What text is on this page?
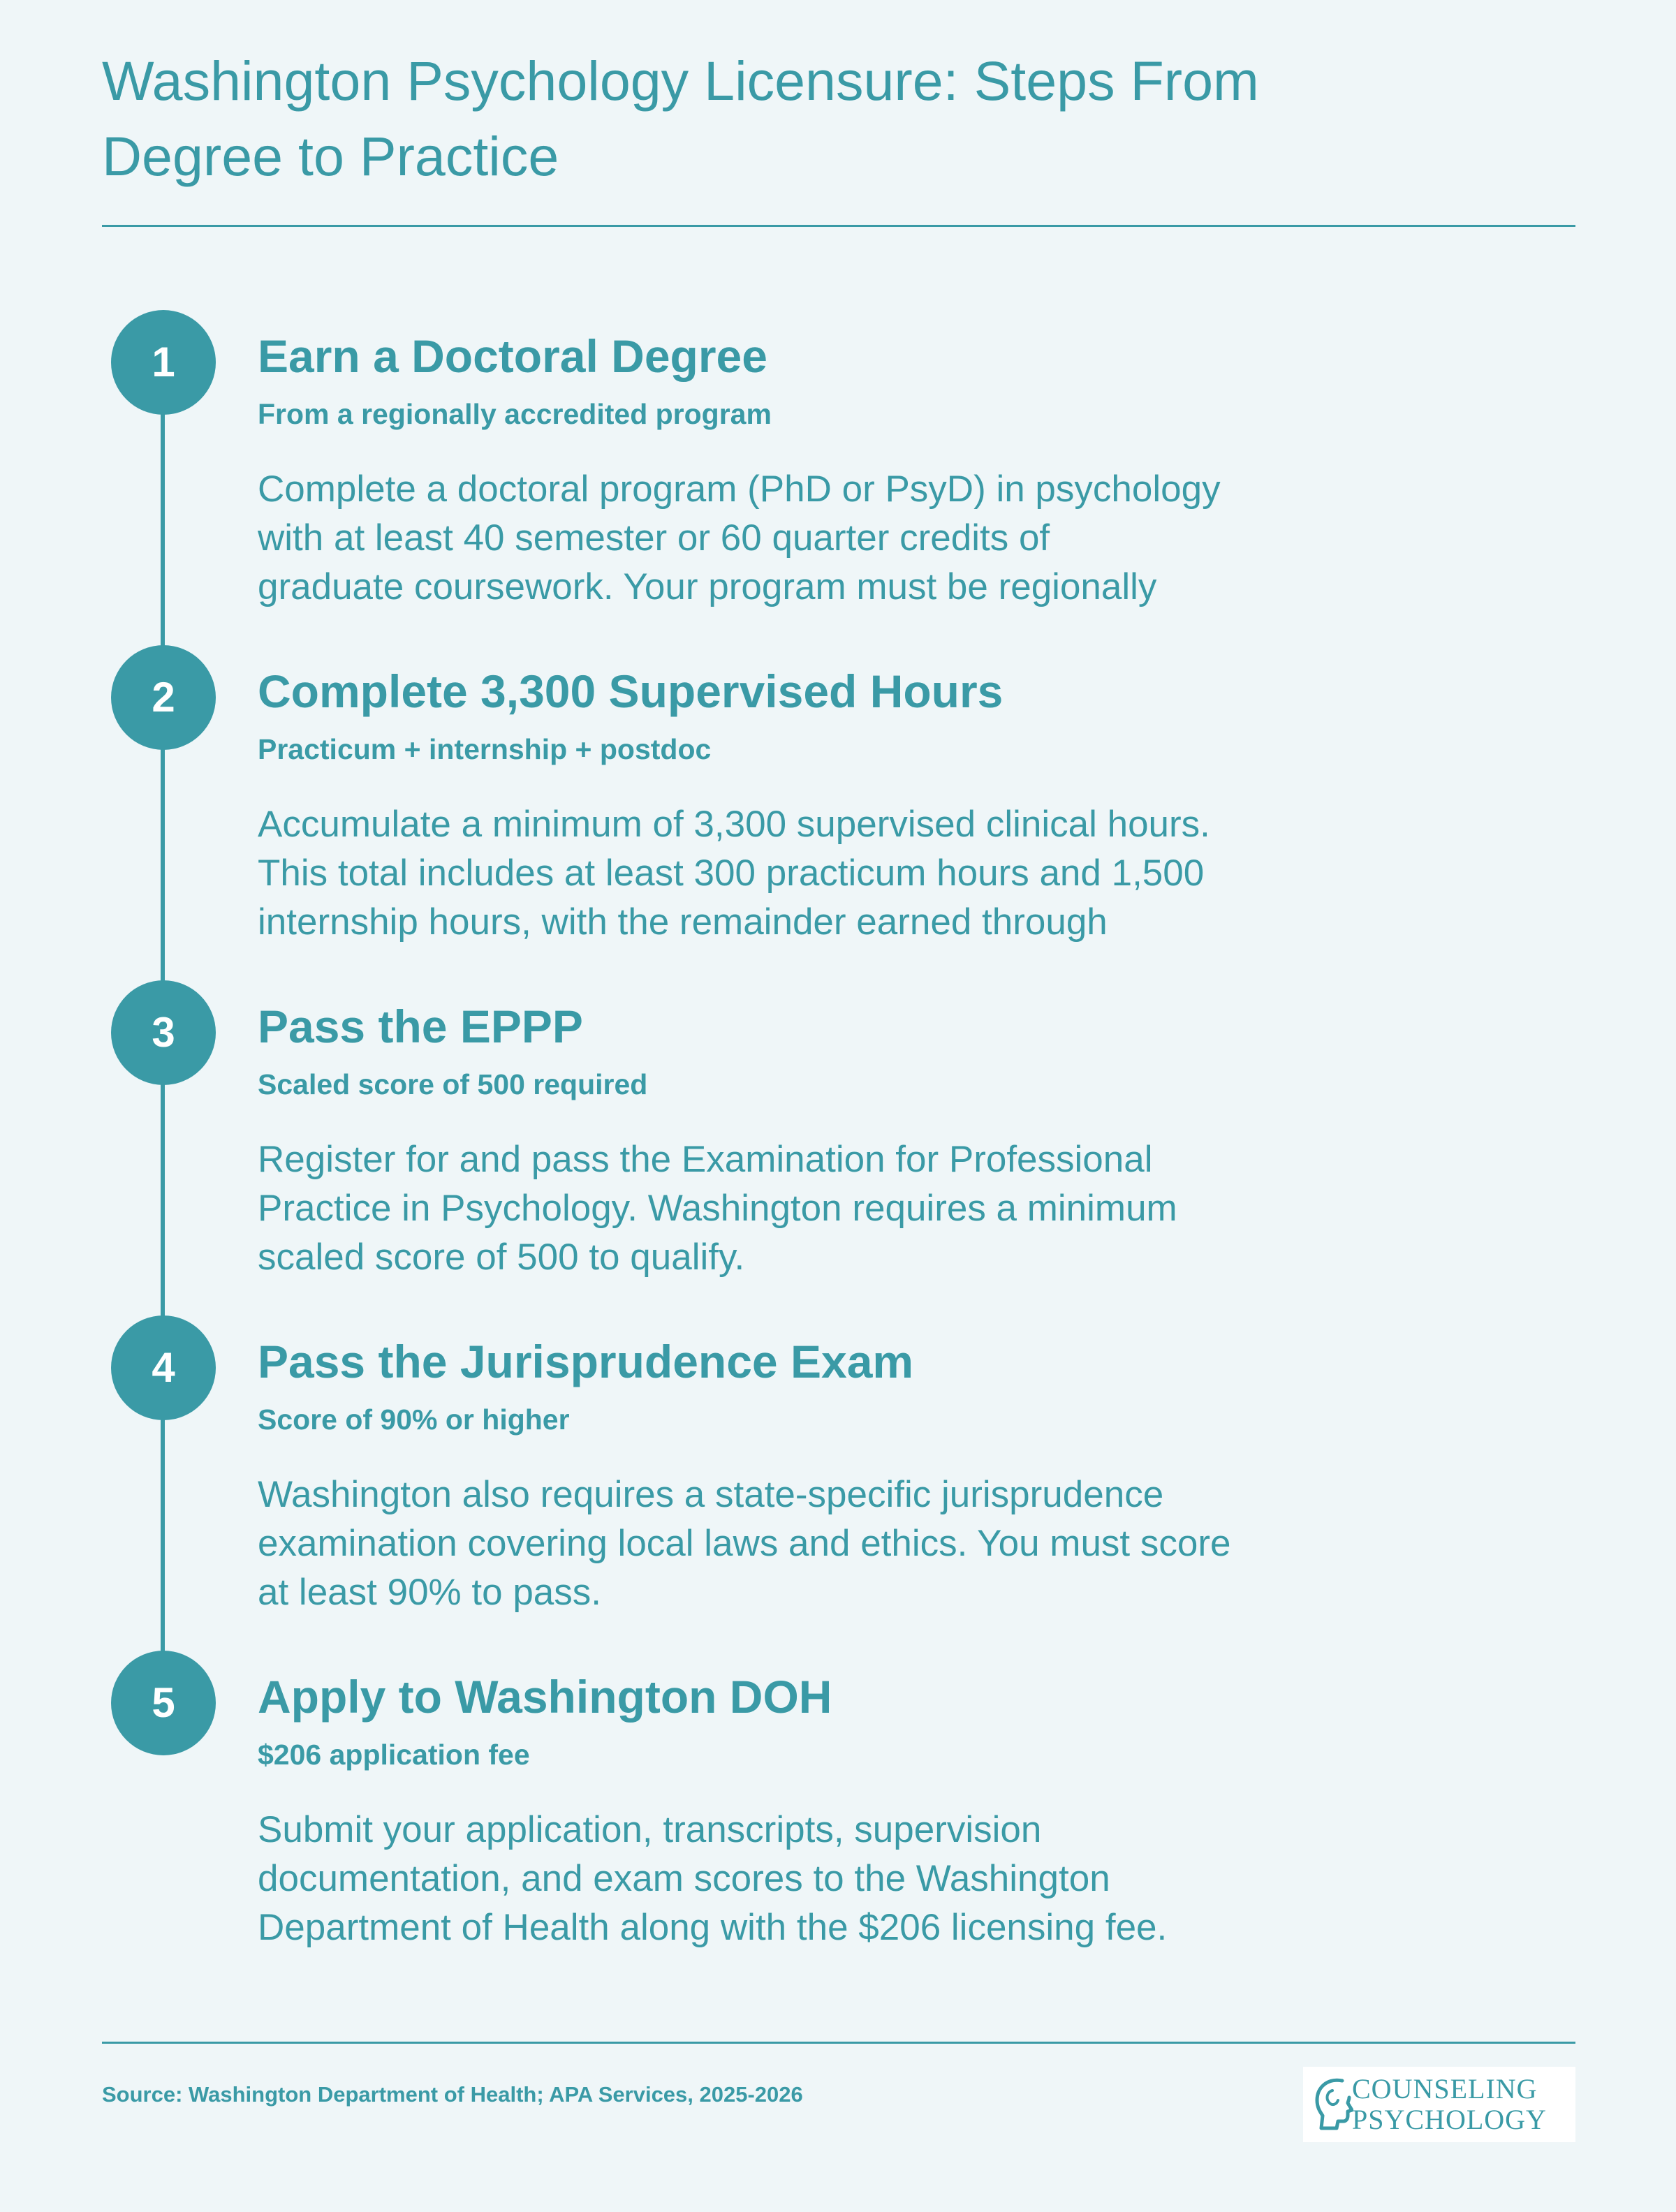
Washington Psychology Licensure: Steps From Degree to Practice
1	Earn a Doctoral Degree
From a regionally accredited program
Complete a doctoral program (PhD or PsyD) in psychology
with at least 40 semester or 60 quarter credits of
graduate coursework. Your program must be regionally
2	Complete 3,300 Supervised Hours
Practicum + internship + postdoc
Accumulate a minimum of 3,300 supervised clinical hours.
This total includes at least 300 practicum hours and 1,500
internship hours, with the remainder earned through
3	Pass the EPPP
Scaled score of 500 required
Register for and pass the Examination for Professional
Practice in Psychology. Washington requires a minimum
scaled score of 500 to qualify.
4	Pass the Jurisprudence Exam
Score of 90% or higher
Washington also requires a state-specific jurisprudence
examination covering local laws and ethics. You must score
at least 90% to pass.
5	Apply to Washington DOH
$206 application fee
Submit your application, transcripts, supervision
documentation, and exam scores to the Washington
Department of Health along with the $206 licensing fee.
Source: Washington Department of Health; APA Services, 2025-2026	COUNSELING
PSYCHOLOGY
